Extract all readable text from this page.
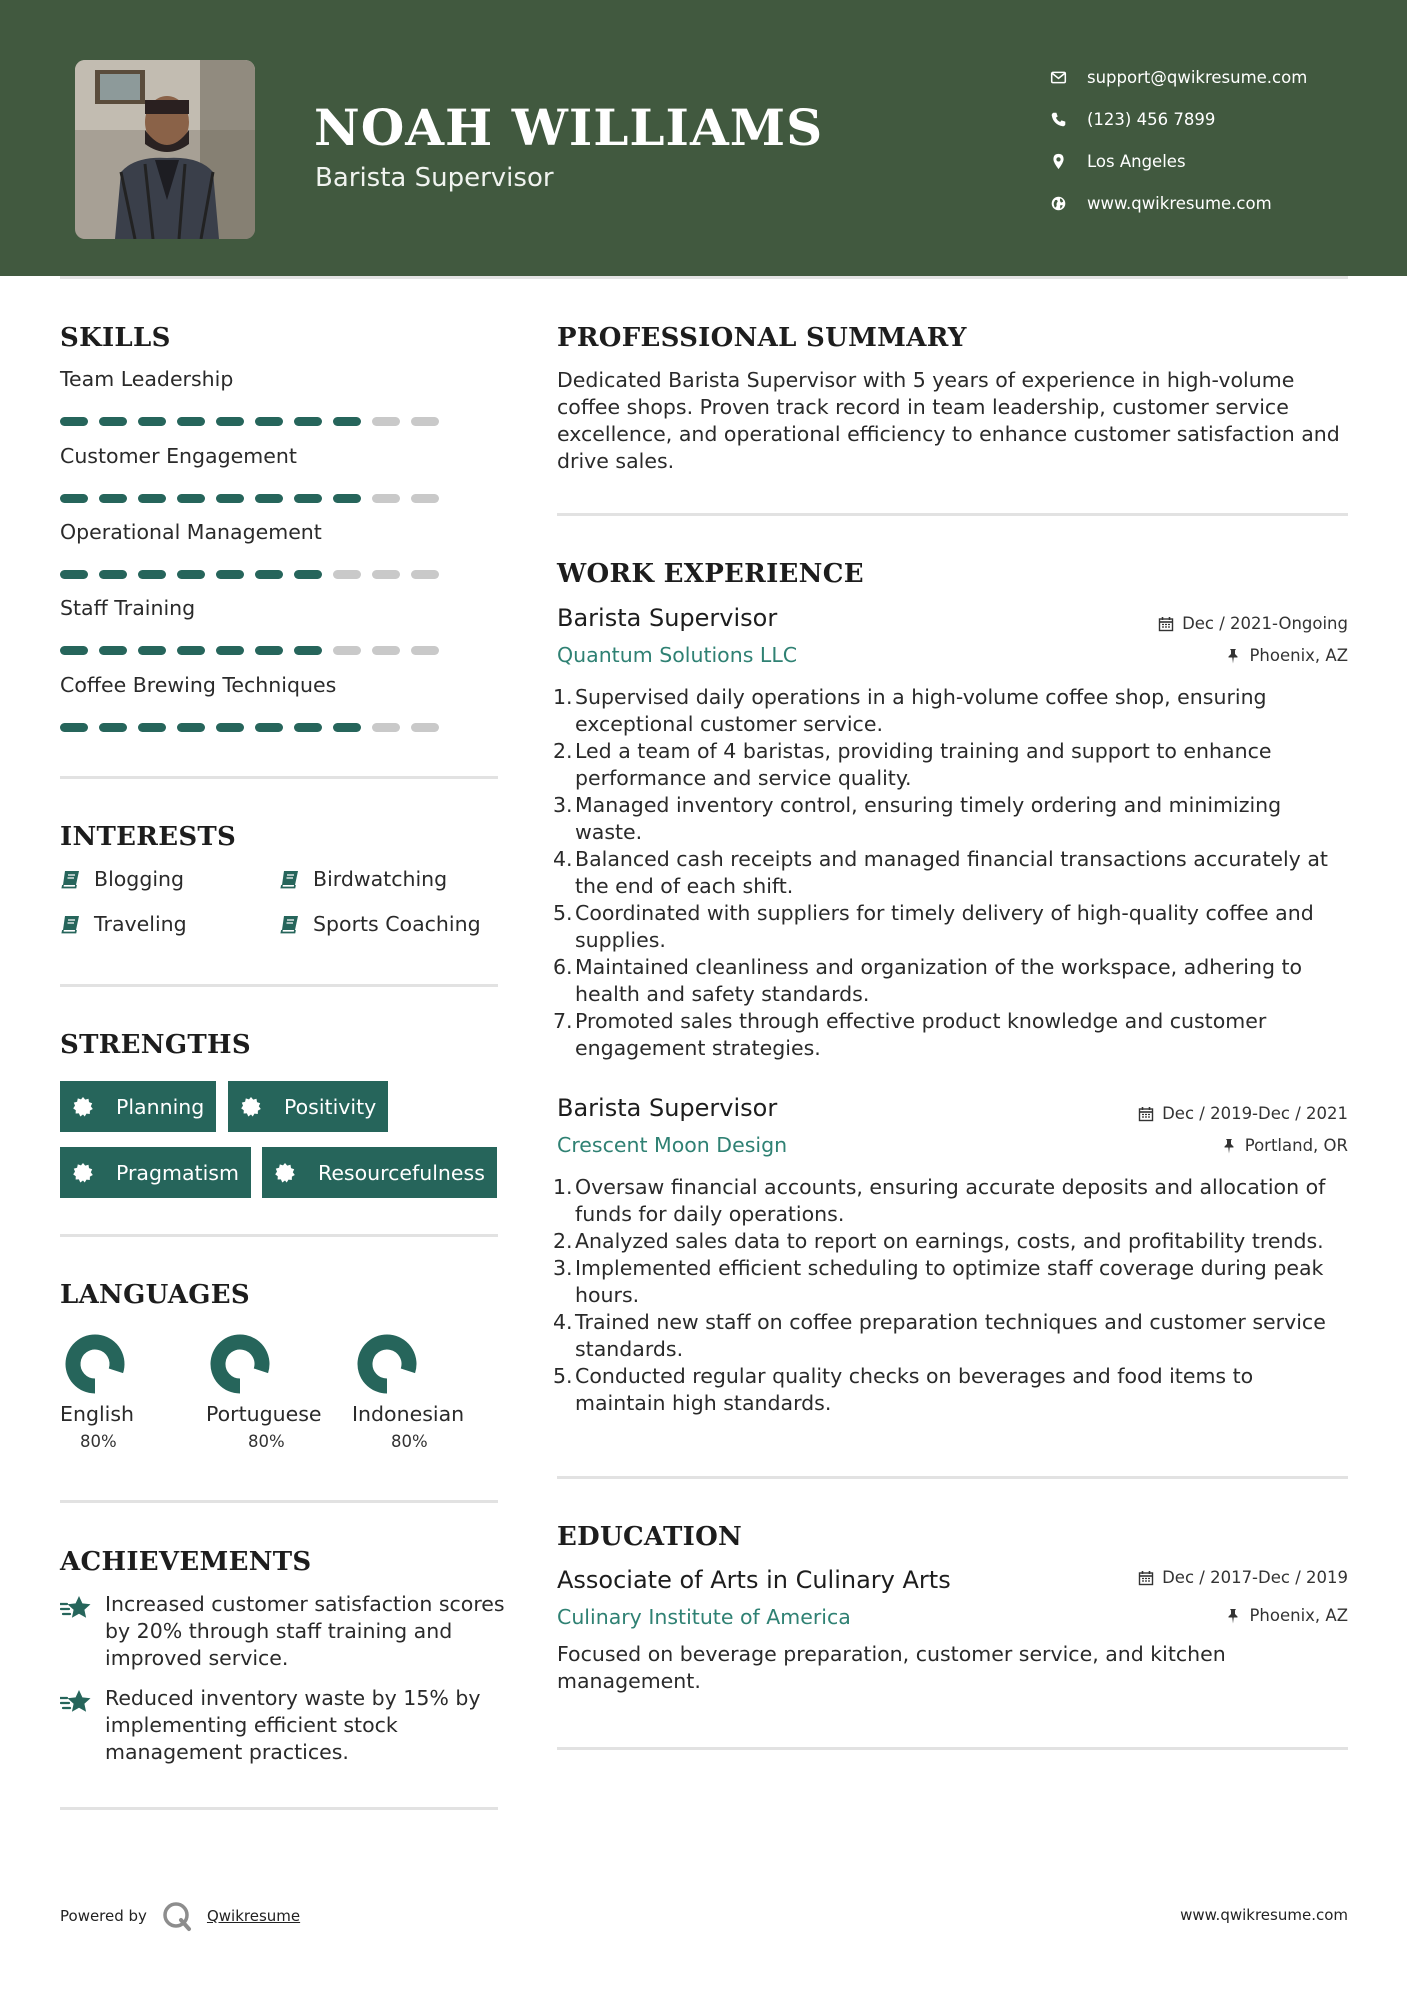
NOAH WILLIAMS
Barista Supervisor
support@qwikresume.com
(123) 456 7899
Los Angeles
www.qwikresume.com
SKILLS
Team Leadership
Customer Engagement
Operational Management
Staff Training
Coffee Brewing Techniques
INTERESTS
Blogging	Birdwatching
Traveling	Sports Coaching
STRENGTHS
Planning	Positivity
Pragmatism	Resourcefulness
LANGUAGES
English
80%
Portuguese
80%
Indonesian
80%
ACHIEVEMENTS
Increased customer satisfaction scores by 20% through staff training and improved service.
Reduced inventory waste by 15% by implementing efficient stock management practices.
PROFESSIONAL SUMMARY
Dedicated Barista Supervisor with 5 years of experience in high-volume coffee shops. Proven track record in team leadership, customer service excellence, and operational efficiency to enhance customer satisfaction and drive sales.
WORK EXPERIENCE
Barista Supervisor	Dec / 2021-Ongoing
Quantum Solutions LLC	Phoenix, AZ
1. Supervised daily operations in a high-volume coffee shop, ensuring exceptional customer service.
2. Led a team of 4 baristas, providing training and support to enhance performance and service quality.
3. Managed inventory control, ensuring timely ordering and minimizing waste.
4. Balanced cash receipts and managed financial transactions accurately at the end of each shift.
5. Coordinated with suppliers for timely delivery of high-quality coffee and supplies.
6. Maintained cleanliness and organization of the workspace, adhering to health and safety standards.
7. Promoted sales through effective product knowledge and customer engagement strategies.
Barista Supervisor	Dec / 2019-Dec / 2021
Crescent Moon Design	Portland, OR
1. Oversaw financial accounts, ensuring accurate deposits and allocation of funds for daily operations.
2. Analyzed sales data to report on earnings, costs, and profitability trends.
3. Implemented efficient scheduling to optimize staff coverage during peak hours.
4. Trained new staff on coffee preparation techniques and customer service standards.
5. Conducted regular quality checks on beverages and food items to maintain high standards.
EDUCATION
Associate of Arts in Culinary Arts	Dec / 2017-Dec / 2019
Culinary Institute of America	Phoenix, AZ
Focused on beverage preparation, customer service, and kitchen management.
Powered by	Qwikresume	www.qwikresume.com
